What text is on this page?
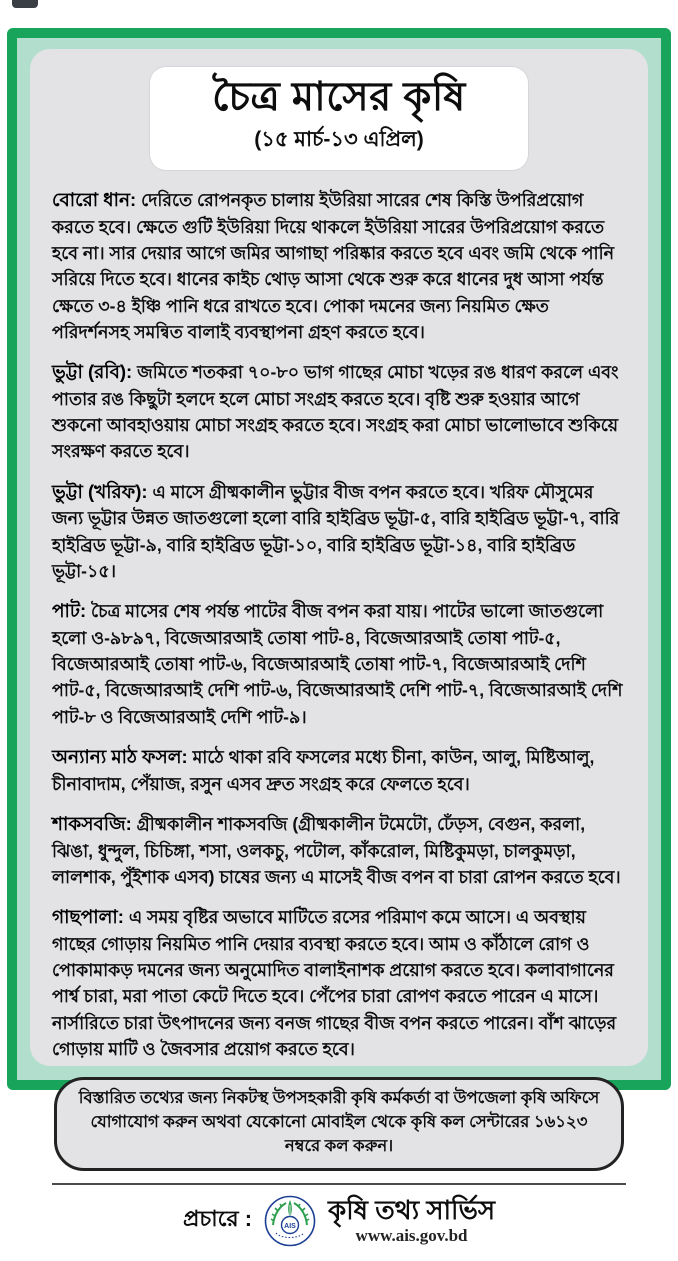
চৈত্র মাসের কৃষি
(১৫ মার্চ-১৩ এপ্রিল)

বোরো ধান: দেরিতে রোপনকৃত চালায় ইউরিয়া সারের শেষ কিস্তি উপরিপ্রয়োগ করতে হবে। ক্ষেতে গুটি ইউরিয়া দিয়ে থাকলে ইউরিয়া সারের উপরিপ্রয়োগ করতে হবে না। সার দেয়ার আগে জমির আগাছা পরিষ্কার করতে হবে এবং জমি থেকে পানি সরিয়ে দিতে হবে। ধানের কাইচ থোড় আসা থেকে শুরু করে ধানের দুধ আসা পর্যন্ত ক্ষেতে ৩-৪ ইঞ্চি পানি ধরে রাখতে হবে। পোকা দমনের জন্য নিয়মিত ক্ষেত পরিদর্শনসহ সমন্বিত বালাই ব্যবস্থাপনা গ্রহণ করতে হবে।

ভুট্টা (রবি): জমিতে শতকরা ৭০-৮০ ভাগ গাছের মোচা খড়ের রঙ ধারণ করলে এবং পাতার রঙ কিছুটা হলদে হলে মোচা সংগ্রহ করতে হবে। বৃষ্টি শুরু হওয়ার আগে শুকনো আবহাওয়ায় মোচা সংগ্রহ করতে হবে। সংগ্রহ করা মোচা ভালোভাবে শুকিয়ে সংরক্ষণ করতে হবে।

ভুট্টা (খরিফ): এ মাসে গ্রীষ্মকালীন ভুট্টার বীজ বপন করতে হবে। খরিফ মৌসুমের জন্য ভূট্টার উন্নত জাতগুলো হলো বারি হাইব্রিড ভূট্টা-৫, বারি হাইব্রিড ভূট্টা-৭, বারি হাইব্রিড ভূট্টা-৯, বারি হাইব্রিড ভূট্টা-১০, বারি হাইব্রিড ভূট্টা-১৪, বারি হাইব্রিড ভূট্টা-১৫।

পাট: চৈত্র মাসের শেষ পর্যন্ত পাটের বীজ বপন করা যায়। পাটের ভালো জাতগুলো হলো ও-৯৮৯৭, বিজেআরআই তোষা পাট-৪, বিজেআরআই তোষা পাট-৫, বিজেআরআই তোষা পাট-৬, বিজেআরআই তোষা পাট-৭, বিজেআরআই দেশি পাট-৫, বিজেআরআই দেশি পাট-৬, বিজেআরআই দেশি পাট-৭, বিজেআরআই দেশি পাট-৮ ও বিজেআরআই দেশি পাট-৯।

অন্যান্য মাঠ ফসল: মাঠে থাকা রবি ফসলের মধ্যে চীনা, কাউন, আলু, মিষ্টিআলু, চীনাবাদাম, পেঁয়াজ, রসুন এসব দ্রুত সংগ্রহ করে ফেলতে হবে।

শাকসবজি: গ্রীষ্মকালীন শাকসবজি (গ্রীষ্মকালীন টমেটো, ঢেঁড়স, বেগুন, করলা, ঝিঙা, ধুন্দুল, চিচিঙ্গা, শসা, ওলকচু, পটোল, কাঁকরোল, মিষ্টিকুমড়া, চালকুমড়া, লালশাক, পুঁইশাক এসব) চাষের জন্য এ মাসেই বীজ বপন বা চারা রোপন করতে হবে।

গাছপালা: এ সময় বৃষ্টির অভাবে মাটিতে রসের পরিমাণ কমে আসে। এ অবস্থায় গাছের গোড়ায় নিয়মিত পানি দেয়ার ব্যবস্থা করতে হবে। আম ও কাঁঠালে রোগ ও পোকামাকড় দমনের জন্য অনুমোদিত বালাইনাশক প্রয়োগ করতে হবে। কলাবাগানের পার্শ্ব চারা, মরা পাতা কেটে দিতে হবে। পেঁপের চারা রোপণ করতে পারেন এ মাসে। নার্সারিতে চারা উৎপাদনের জন্য বনজ গাছের বীজ বপন করতে পারেন। বাঁশ ঝাড়ের গোড়ায় মাটি ও জৈবসার প্রয়োগ করতে হবে।

বিস্তারিত তথ্যের জন্য নিকটস্থ উপসহকারী কৃষি কর্মকর্তা বা উপজেলা কৃষি অফিসে যোগাযোগ করুন অথবা যেকোনো মোবাইল থেকে কৃষি কল সেন্টারের ১৬১২৩ নম্বরে কল করুন।
প্রচারে :	AIS
কৃষি তথ্য সার্ভিস
www.ais.gov.bd
